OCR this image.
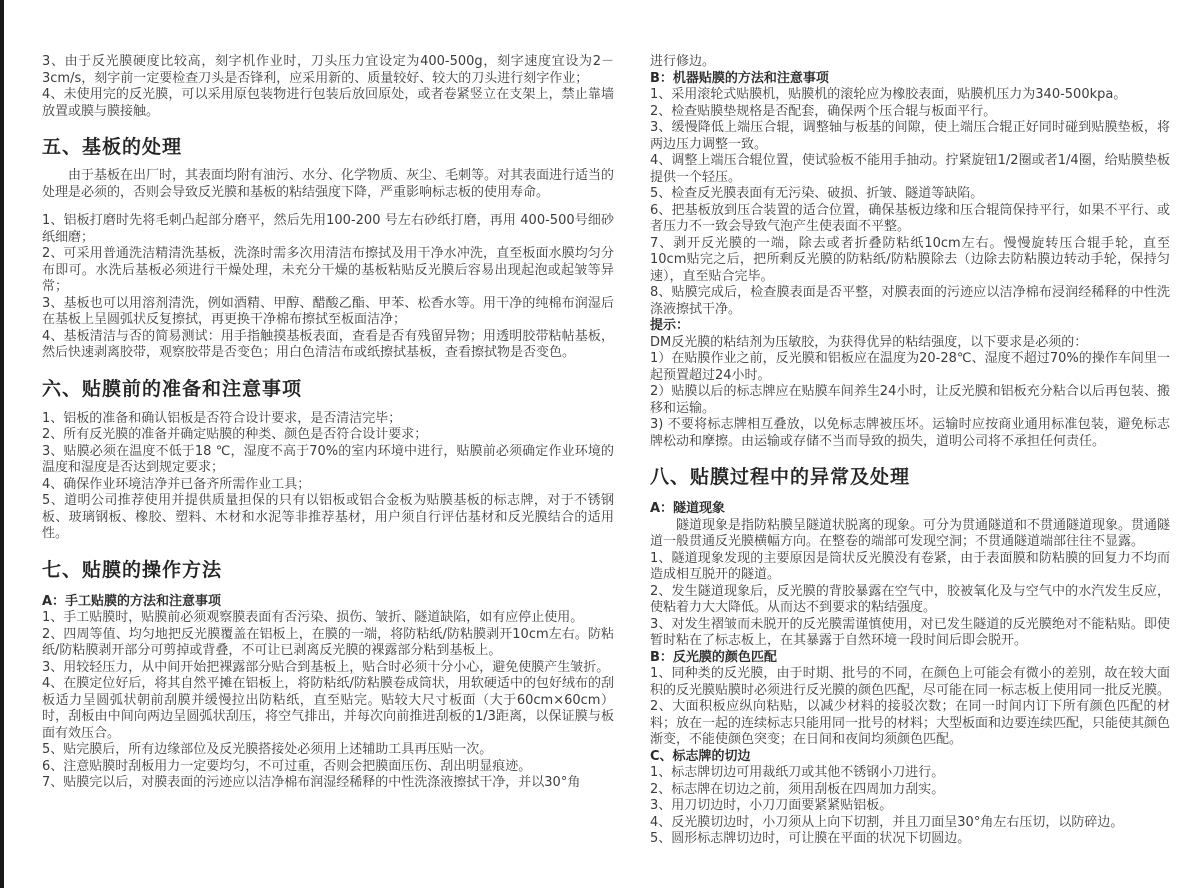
3、由于反光膜硬度比较高，刻字机作业时，刀头压力宜设定为400-500g，刻字速度宜设为2－3cm/s，刻字前一定要检查刀头是否锋利，应采用新的、质量较好、较大的刀头进行刻字作业；

4、未使用完的反光膜，可以采用原包装物进行包装后放回原处，或者卷紧竖立在支架上，禁止靠墙放置或膜与膜接触。

五、基板的处理

由于基板在出厂时，其表面均附有油污、水分、化学物质、灰尘、毛刺等。对其表面进行适当的处理是必须的，否则会导致反光膜和基板的粘结强度下降，严重影响标志板的使用寿命。

1、铝板打磨时先将毛刺凸起部分磨平，然后先用100-200 号左右砂纸打磨，再用 400-500号细砂纸细磨；

2、可采用普通洗洁精清洗基板，洗涤时需多次用清洁布擦拭及用干净水冲洗，直至板面水膜均匀分布即可。水洗后基板必须进行干燥处理，未充分干燥的基板粘贴反光膜后容易出现起泡或起皱等异常；

3、基板也可以用溶剂清洗，例如酒精、甲醇、醋酸乙酯、甲苯、松香水等。用干净的纯棉布润湿后在基板上呈圆弧状反复擦拭，再更换干净棉布擦拭至板面洁净；

4、基板清洁与否的简易测试：用手指触摸基板表面，查看是否有残留异物；用透明胶带粘帖基板，然后快速剥离胶带，观察胶带是否变色；用白色清洁布或纸擦拭基板，查看擦拭物是否变色。

六、贴膜前的准备和注意事项

1、铝板的准备和确认铝板是否符合设计要求，是否清洁完毕；

2、所有反光膜的准备并确定贴膜的种类、颜色是否符合设计要求；

3、贴膜必须在温度不低于18 ℃，湿度不高于70%的室内环境中进行，贴膜前必须确定作业环境的温度和湿度是否达到规定要求；

4、确保作业环境洁净并已备齐所需作业工具；

5、道明公司推荐使用并提供质量担保的只有以铝板或铝合金板为贴膜基板的标志牌，对于不锈钢板、玻璃钢板、橡胶、塑料、木材和水泥等非推荐基材，用户须自行评估基材和反光膜结合的适用性。

七、贴膜的操作方法

A：手工贴膜的方法和注意事项

1、手工贴膜时，贴膜前必须观察膜表面有否污染、损伤、皱折、隧道缺陷，如有应停止使用。

2、四周等值、均匀地把反光膜覆盖在铝板上，在膜的一端，将防粘纸/防粘膜剥开10cm左右。防粘纸/防粘膜剥开部分可剪掉或背叠，不可让已剥离反光膜的裸露部分粘到基板上。

3、用较轻压力，从中间开始把裸露部分贴合到基板上，贴合时必须十分小心，避免使膜产生皱折。

4、在膜定位好后，将其自然平摊在铝板上，将防粘纸/防粘膜卷成筒状，用软硬适中的包好绒布的刮板适力呈圆弧状朝前刮膜并缓慢拉出防粘纸，直至贴完。贴较大尺寸板面（大于60cm×60cm）时，刮板由中间向两边呈圆弧状刮压，将空气排出，并每次向前推进刮板的1/3距离，以保证膜与板面有效压合。

5、贴完膜后，所有边缘部位及反光膜搭接处必须用上述辅助工具再压贴一次。

6、注意贴膜时刮板用力一定要均匀，不可过重，否则会把膜面压伤、刮出明显痕迹。

7、贴膜完以后，对膜表面的污迹应以洁净棉布润湿经稀释的中性洗涤液擦拭干净，并以30°角

进行修边。

B：机器贴膜的方法和注意事项

1、采用滚轮式贴膜机，贴膜机的滚轮应为橡胶表面，贴膜机压力为340-500kpa。

2、检查贴膜垫规格是否配套，确保两个压合辊与板面平行。

3、缓慢降低上端压合辊，调整轴与板基的间隙，使上端压合辊正好同时碰到贴膜垫板，将两边压力调整一致。

4、调整上端压合辊位置，使试验板不能用手抽动。拧紧旋钮1/2圈或者1/4圈，给贴膜垫板提供一个轻压。

5、检查反光膜表面有无污染、破损、折皱、隧道等缺陷。

6、把基板放到压合装置的适合位置，确保基板边缘和压合辊筒保持平行，如果不平行、或者压力不一致会导致气泡产生使表面不平整。

7、剥开反光膜的一端，除去或者折叠防粘纸10cm左右。慢慢旋转压合辊手轮，直至10cm贴完之后，把所剩反光膜的防粘纸/防粘膜除去（边除去防粘膜边转动手轮，保持匀速），直至贴合完毕。

8、贴膜完成后，检查膜表面是否平整，对膜表面的污迹应以洁净棉布浸润经稀释的中性洗涤液擦拭干净。

提示：

DM反光膜的粘结剂为压敏胶，为获得优异的粘结强度，以下要求是必须的：

1）在贴膜作业之前，反光膜和铝板应在温度为20-28℃、湿度不超过70%的操作车间里一起预置超过24小时。

2）贴膜以后的标志牌应在贴膜车间养生24小时，让反光膜和铝板充分粘合以后再包装、搬移和运输。

3) 不要将标志牌相互叠放，以免标志牌被压坏。运输时应按商业通用标准包装，避免标志牌松动和摩擦。由运输或存储不当而导致的损失，道明公司将不承担任何责任。

八、贴膜过程中的异常及处理

A：隧道现象

隧道现象是指防粘膜呈隧道状脱离的现象。可分为贯通隧道和不贯通隧道现象。贯通隧道一般贯通反光膜横幅方向。在整卷的端部可发现空洞；不贯通隧道端部往往不显露。

1、隧道现象发现的主要原因是筒状反光膜没有卷紧，由于表面膜和防粘膜的回复力不均而造成相互脱开的隧道。

2、发生隧道现象后，反光膜的背胶暴露在空气中，胶被氧化及与空气中的水汽发生反应，使粘着力大大降低。从而达不到要求的粘结强度。

3、对发生褶皱而未脱开的反光膜需谨慎使用，对已发生隧道的反光膜绝对不能粘贴。即使暂时粘在了标志板上，在其暴露于自然环境一段时间后即会脱开。

B：反光膜的颜色匹配

1、同种类的反光膜，由于时期、批号的不同，在颜色上可能会有微小的差别，故在较大面积的反光膜贴膜时必须进行反光膜的颜色匹配，尽可能在同一标志板上使用同一批反光膜。

2、大面积板应纵向粘贴，以减少材料的接驳次数；在同一时间内订下所有颜色匹配的材料；放在一起的连续标志只能用同一批号的材料；大型板面和边要连续匹配，只能使其颜色渐变，不能使颜色突变；在日间和夜间均须颜色匹配。

C、标志牌的切边

1、标志牌切边可用裁纸刀或其他不锈钢小刀进行。

2、标志牌在切边之前，须用刮板在四周加力刮实。

3、用刀切边时，小刀刀面要紧紧贴铝板。

4、反光膜切边时，小刀须从上向下切割，并且刀面呈30°角左右压切，以防碎边。

5、圆形标志牌切边时，可让膜在平面的状况下切圆边。
